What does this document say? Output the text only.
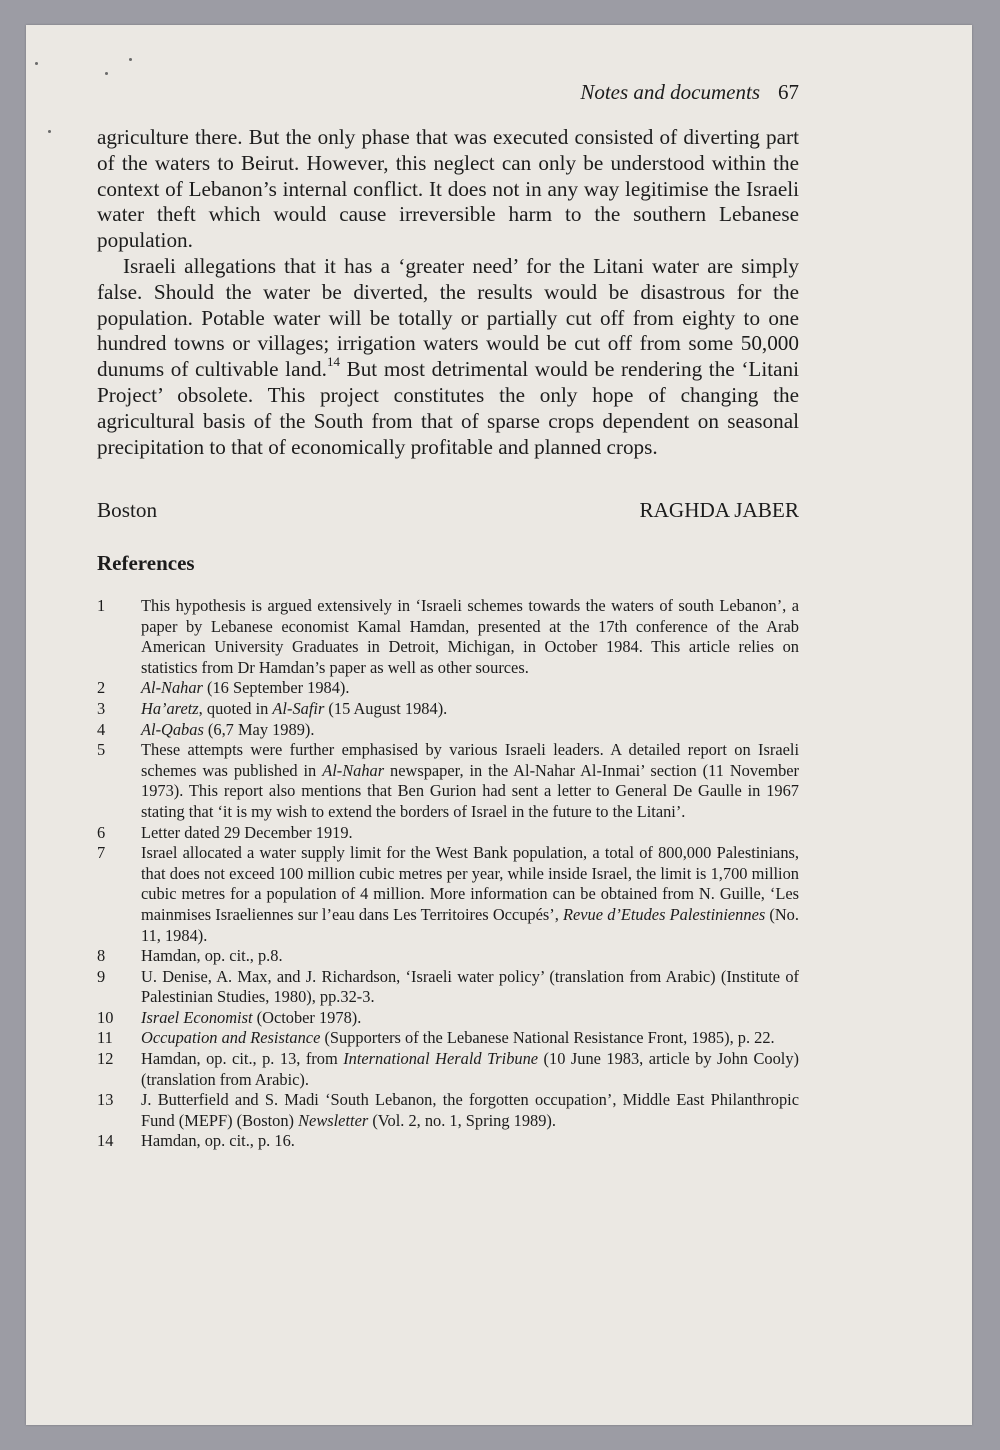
Notes and documents 67

agriculture there. But the only phase that was executed consisted of diverting part of the waters to Beirut. However, this neglect can only be understood within the context of Lebanon’s internal conflict. It does not in any way legitimise the Israeli water theft which would cause irreversible harm to the southern Lebanese population.

Israeli allegations that it has a ‘greater need’ for the Litani water are simply false. Should the water be diverted, the results would be disastrous for the population. Potable water will be totally or partially cut off from eighty to one hundred towns or villages; irrigation waters would be cut off from some 50,000 dunums of cultivable land.$^{14}$ But most detrimental would be rendering the ‘Litani Project’ obsolete. This project constitutes the only hope of changing the agricultural basis of the South from that of sparse crops dependent on seasonal precipitation to that of economically profitable and planned crops.

Boston	RAGHDA JABER
References
1	This hypothesis is argued extensively in ‘Israeli schemes towards the waters of south Lebanon’, a paper by Lebanese economist Kamal Hamdan, presented at the 17th conference of the Arab American University Graduates in Detroit, Michigan, in October 1984. This article relies on statistics from Dr Hamdan’s paper as well as other sources.
2	Al-Nahar (16 September 1984).
3	Ha’aretz, quoted in Al-Safir (15 August 1984).
4	Al-Qabas (6,7 May 1989).
5	These attempts were further emphasised by various Israeli leaders. A detailed report on Israeli schemes was published in Al-Nahar newspaper, in the Al-Nahar Al-Inmai’ section (11 November 1973). This report also mentions that Ben Gurion had sent a letter to General De Gaulle in 1967 stating that ‘it is my wish to extend the borders of Israel in the future to the Litani’.
6	Letter dated 29 December 1919.
7	Israel allocated a water supply limit for the West Bank population, a total of 800,000 Palestinians, that does not exceed 100 million cubic metres per year, while inside Israel, the limit is 1,700 million cubic metres for a population of 4 million. More information can be obtained from N. Guille, ‘Les mainmises Israeliennes sur l’eau dans Les Territoires Occupés’, Revue d’Etudes Palestiniennes (No. 11, 1984).
8	Hamdan, op. cit., p.8.
9	U. Denise, A. Max, and J. Richardson, ‘Israeli water policy’ (translation from Arabic) (Institute of Palestinian Studies, 1980), pp.32-3.
10	Israel Economist (October 1978).
11	Occupation and Resistance (Supporters of the Lebanese National Resistance Front, 1985), p. 22.
12	Hamdan, op. cit., p. 13, from International Herald Tribune (10 June 1983, article by John Cooly) (translation from Arabic).
13	J. Butterfield and S. Madi ‘South Lebanon, the forgotten occupation’, Middle East Philanthropic Fund (MEPF) (Boston) Newsletter (Vol. 2, no. 1, Spring 1989).
14	Hamdan, op. cit., p. 16.
